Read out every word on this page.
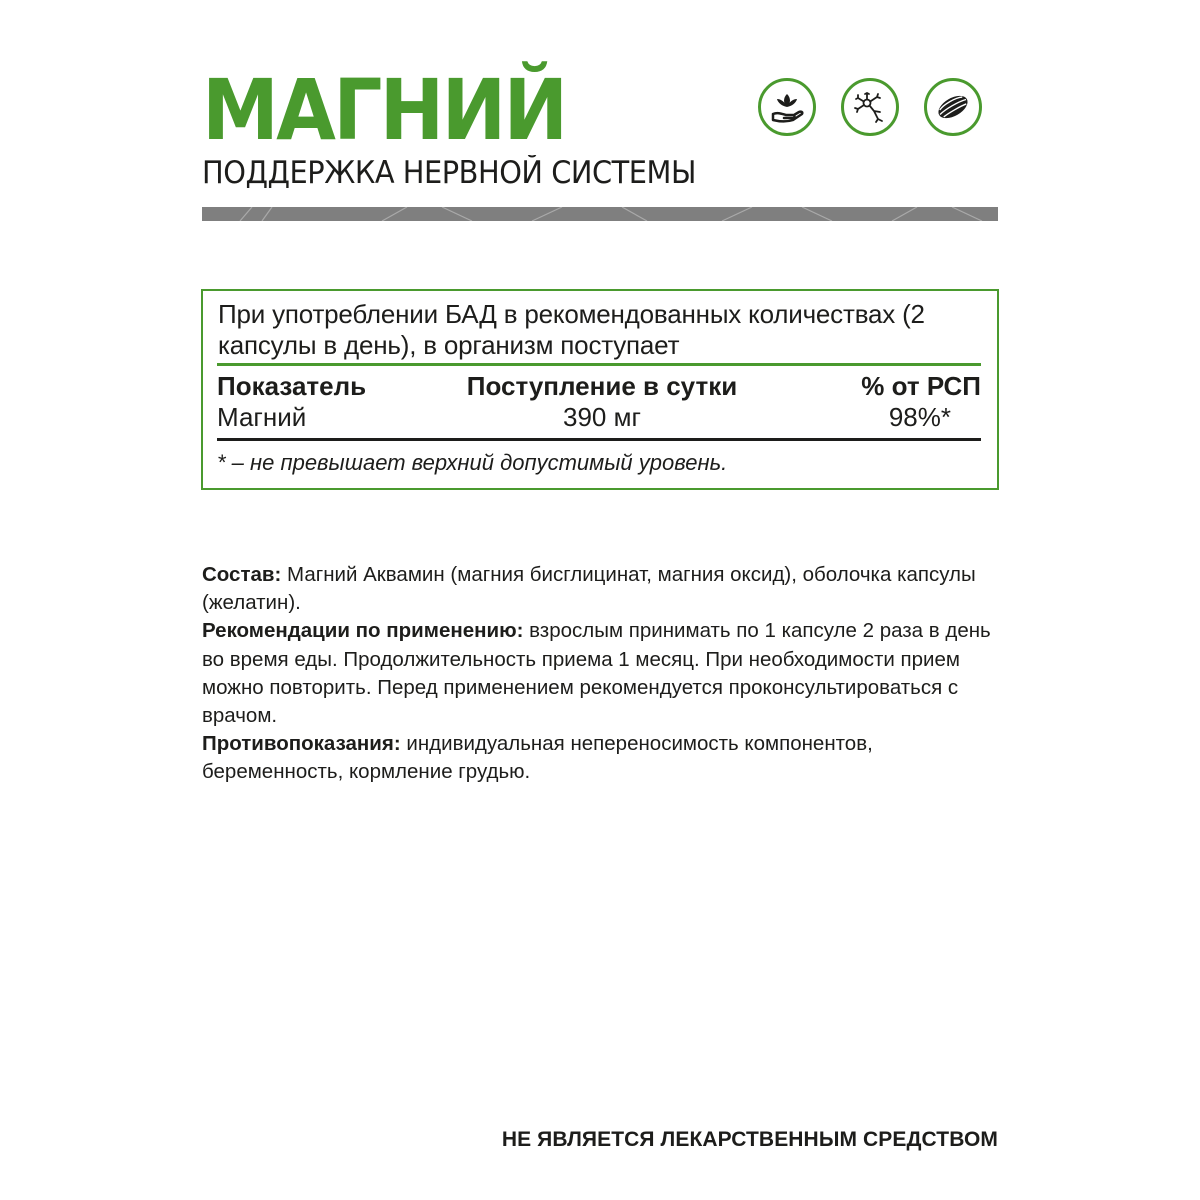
МАГНИЙ
ПОДДЕРЖКА НЕРВНОЙ СИСТЕМЫ
При употреблении БАД в рекомендованных количествах (2 капсулы в день), в организм поступает
Показатель	Поступление в сутки	% от РСП
Магний	390 мг	98%*
* – не превышает верхний допустимый уровень.

Состав: Магний Аквамин (магния бисглицинат, магния оксид), оболочка капсулы (желатин).

Рекомендации по применению: взрослым принимать по 1 капсуле 2 раза в день во время еды. Продолжительность приема 1 месяц. При необходимости прием можно повторить. Перед применением рекомендуется проконсультироваться с врачом.

Противопоказания: индивидуальная непереносимость компонентов, беременность, кормление грудью.

НЕ ЯВЛЯЕТСЯ ЛЕКАРСТВЕННЫМ СРЕДСТВОМ
